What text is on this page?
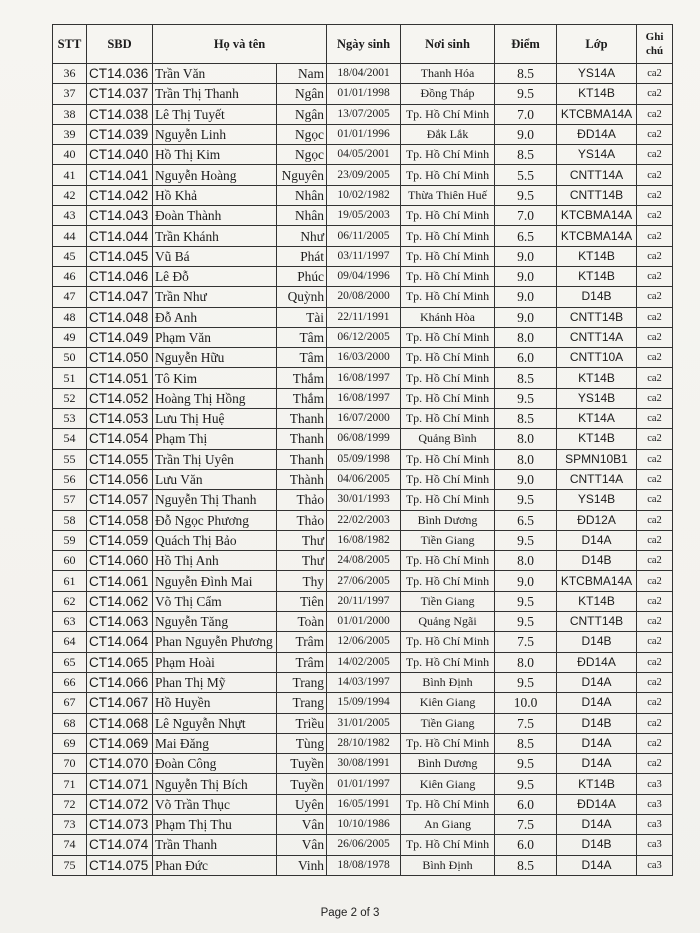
STT	SBD	Họ và tên		Ngày sinh	Nơi sinh	Điểm	Lớp	Ghi chú
36	CT14.036	Trần Văn	Nam	18/04/2001	Thanh Hóa	8.5	YS14A	ca2
37	CT14.037	Trần Thị Thanh	Ngân	01/01/1998	Đồng Tháp	9.5	KT14B	ca2
38	CT14.038	Lê Thị Tuyết	Ngân	13/07/2005	Tp. Hồ Chí Minh	7.0	KTCBMA14A	ca2
39	CT14.039	Nguyễn Linh	Ngọc	01/01/1996	Đắk Lắk	9.0	ĐD14A	ca2
40	CT14.040	Hồ Thị Kim	Ngọc	04/05/2001	Tp. Hồ Chí Minh	8.5	YS14A	ca2
41	CT14.041	Nguyễn Hoàng	Nguyên	23/09/2005	Tp. Hồ Chí Minh	5.5	CNTT14A	ca2
42	CT14.042	Hồ Khả	Nhân	10/02/1982	Thừa Thiên Huế	9.5	CNTT14B	ca2
43	CT14.043	Đoàn Thành	Nhân	19/05/2003	Tp. Hồ Chí Minh	7.0	KTCBMA14A	ca2
44	CT14.044	Trần Khánh	Như	06/11/2005	Tp. Hồ Chí Minh	6.5	KTCBMA14A	ca2
45	CT14.045	Vũ Bá	Phát	03/11/1997	Tp. Hồ Chí Minh	9.0	KT14B	ca2
46	CT14.046	Lê Đỗ	Phúc	09/04/1996	Tp. Hồ Chí Minh	9.0	KT14B	ca2
47	CT14.047	Trần Như	Quỳnh	20/08/2000	Tp. Hồ Chí Minh	9.0	D14B	ca2
48	CT14.048	Đỗ Anh	Tài	22/11/1991	Khánh Hòa	9.0	CNTT14B	ca2
49	CT14.049	Phạm Văn	Tâm	06/12/2005	Tp. Hồ Chí Minh	8.0	CNTT14A	ca2
50	CT14.050	Nguyễn Hữu	Tâm	16/03/2000	Tp. Hồ Chí Minh	6.0	CNTT10A	ca2
51	CT14.051	Tô Kim	Thắm	16/08/1997	Tp. Hồ Chí Minh	8.5	KT14B	ca2
52	CT14.052	Hoàng Thị Hồng	Thắm	16/08/1997	Tp. Hồ Chí Minh	9.5	YS14B	ca2
53	CT14.053	Lưu Thị Huệ	Thanh	16/07/2000	Tp. Hồ Chí Minh	8.5	KT14A	ca2
54	CT14.054	Phạm Thị	Thanh	06/08/1999	Quảng Bình	8.0	KT14B	ca2
55	CT14.055	Trần Thị Uyên	Thanh	05/09/1998	Tp. Hồ Chí Minh	8.0	SPMN10B1	ca2
56	CT14.056	Lưu Văn	Thành	04/06/2005	Tp. Hồ Chí Minh	9.0	CNTT14A	ca2
57	CT14.057	Nguyễn Thị Thanh	Thảo	30/01/1993	Tp. Hồ Chí Minh	9.5	YS14B	ca2
58	CT14.058	Đỗ Ngọc Phương	Thảo	22/02/2003	Bình Dương	6.5	ĐD12A	ca2
59	CT14.059	Quách Thị Bảo	Thư	16/08/1982	Tiền Giang	9.5	D14A	ca2
60	CT14.060	Hồ Thị Anh	Thư	24/08/2005	Tp. Hồ Chí Minh	8.0	D14B	ca2
61	CT14.061	Nguyễn Đình Mai	Thy	27/06/2005	Tp. Hồ Chí Minh	9.0	KTCBMA14A	ca2
62	CT14.062	Võ Thị Cẩm	Tiên	20/11/1997	Tiền Giang	9.5	KT14B	ca2
63	CT14.063	Nguyễn Tăng	Toàn	01/01/2000	Quảng Ngãi	9.5	CNTT14B	ca2
64	CT14.064	Phan Nguyễn Phương	Trâm	12/06/2005	Tp. Hồ Chí Minh	7.5	D14B	ca2
65	CT14.065	Phạm Hoài	Trâm	14/02/2005	Tp. Hồ Chí Minh	8.0	ĐD14A	ca2
66	CT14.066	Phan Thị Mỹ	Trang	14/03/1997	Bình Định	9.5	D14A	ca2
67	CT14.067	Hồ Huyền	Trang	15/09/1994	Kiên Giang	10.0	D14A	ca2
68	CT14.068	Lê Nguyễn Nhựt	Triều	31/01/2005	Tiền Giang	7.5	D14B	ca2
69	CT14.069	Mai Đăng	Tùng	28/10/1982	Tp. Hồ Chí Minh	8.5	D14A	ca2
70	CT14.070	Đoàn Công	Tuyền	30/08/1991	Bình Dương	9.5	D14A	ca2
71	CT14.071	Nguyễn Thị Bích	Tuyền	01/01/1997	Kiên Giang	9.5	KT14B	ca3
72	CT14.072	Võ Trần Thục	Uyên	16/05/1991	Tp. Hồ Chí Minh	6.0	ĐD14A	ca3
73	CT14.073	Phạm Thị Thu	Vân	10/10/1986	An Giang	7.5	D14A	ca3
74	CT14.074	Trần Thanh	Vân	26/06/2005	Tp. Hồ Chí Minh	6.0	D14B	ca3
75	CT14.075	Phan Đức	Vinh	18/08/1978	Bình Định	8.5	D14A	ca3
Page 2 of 3
